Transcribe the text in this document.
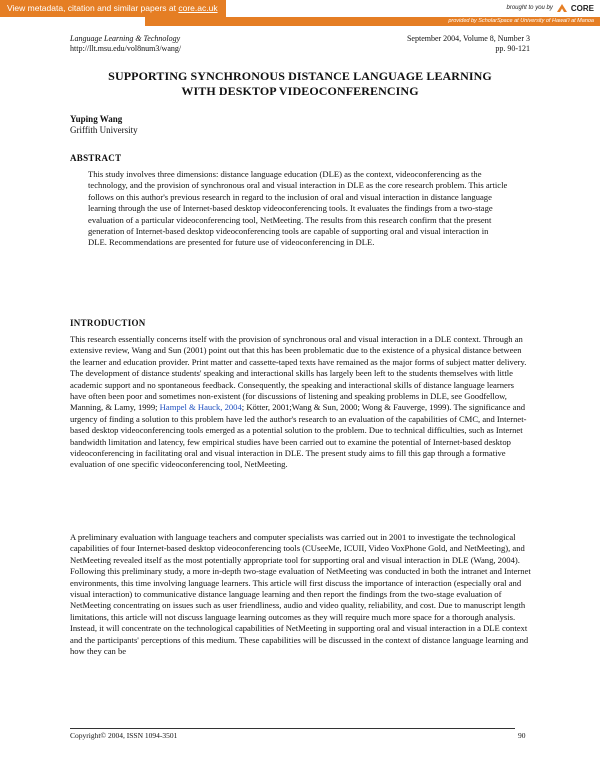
View metadata, citation and similar papers at core.ac.uk	brought to you by CORE
provided by ScholarSpace at University of Hawai'i at Manoa
Language Learning & Technology
http://llt.msu.edu/vol8num3/wang/
September 2004, Volume 8, Number 3
pp. 90-121
SUPPORTING SYNCHRONOUS DISTANCE LANGUAGE LEARNING
WITH DESKTOP VIDEOCONFERENCING
Yuping Wang
Griffith University
ABSTRACT

This study involves three dimensions: distance language education (DLE) as the context, videoconferencing as the technology, and the provision of synchronous oral and visual interaction in DLE as the core research problem. This article follows on this author's previous research in regard to the inclusion of oral and visual interaction in distance language learning through the use of Internet-based desktop videoconferencing tools. It evaluates the findings from a two-stage evaluation of a particular videoconferencing tool, NetMeeting. The results from this research confirm that the present generation of Internet-based desktop videoconferencing tools are capable of supporting oral and visual interaction in DLE. Recommendations are presented for future use of videoconferencing in DLE.

INTRODUCTION

This research essentially concerns itself with the provision of synchronous oral and visual interaction in a DLE context. Through an extensive review, Wang and Sun (2001) point out that this has been problematic due to the existence of a physical distance between the learner and education provider. Print matter and cassette-taped texts have remained as the major forms of subject matter delivery. The development of distance students' speaking and interactional skills has largely been left to the students themselves with little academic support and no spontaneous feedback. Consequently, the speaking and interactional skills of distance language learners have often been poor and sometimes non-existent (for discussions of listening and speaking problems in DLE, see Goodfellow, Manning, & Lamy, 1999; Hampel & Hauck, 2004; Kötter, 2001;Wang & Sun, 2000; Wong & Fauverge, 1999). The significance and urgency of finding a solution to this problem have led the author's research to an evaluation of the capabilities of CMC, and Internet-based desktop videoconferencing tools emerged as a potential solution to the problem. Due to technical difficulties, such as Internet bandwidth limitation and latency, few empirical studies have been carried out to examine the potential of Internet-based desktop videoconferencing in facilitating oral and visual interaction in DLE. The present study aims to fill this gap through a formative evaluation of one specific videoconferencing tool, NetMeeting.

A preliminary evaluation with language teachers and computer specialists was carried out in 2001 to investigate the technological capabilities of four Internet-based desktop videoconferencing tools (CUseeMe, ICUII, Video VoxPhone Gold, and NetMeeting), and NetMeeting revealed itself as the most potentially appropriate tool for supporting oral and visual interaction in DLE (Wang, 2004). Following this preliminary study, a more in-depth two-stage evaluation of NetMeeting was conducted in both the intranet and Internet environments, this time involving language learners. This article will first discuss the importance of interaction (especially oral and visual interaction) to communicative distance language learning and then report the findings from the two-stage evaluation of NetMeeting concentrating on issues such as user friendliness, audio and video quality, reliability, and cost. Due to manuscript length limitations, this article will not discuss language learning outcomes as they will require much more space for a thorough analysis. Instead, it will concentrate on the technological capabilities of NetMeeting in supporting oral and visual interaction in a DLE context and the participants' perceptions of this medium. These capabilities will be discussed in the context of distance language learning and how they can be

Copyright© 2004, ISSN 1094-3501	90
